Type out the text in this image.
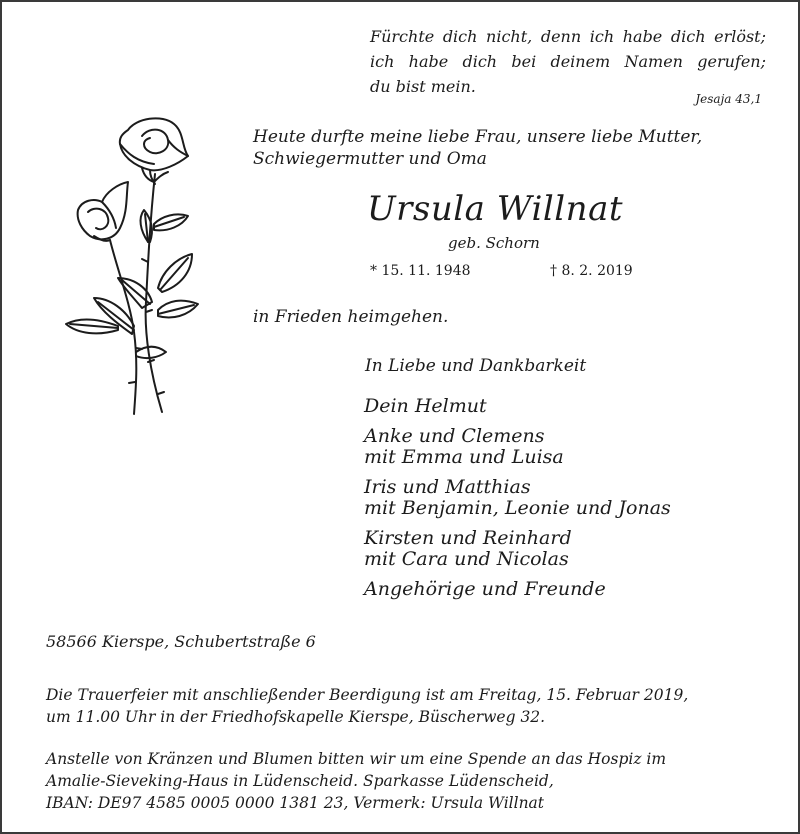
Fürchte dich nicht, denn ich habe dich erlöst;
ich habe dich bei deinem Namen gerufen;
du bist mein.
Jesaja 43,1
Heute durfte meine liebe Frau, unsere liebe Mutter,
Schwiegermutter und Oma
Ursula Willnat
geb. Schorn
* 15. 11. 1948	† 8. 2. 2019
in Frieden heimgehen.
In Liebe und Dankbarkeit
Dein Helmut
Anke und Clemens
mit Emma und Luisa
Iris und Matthias
mit Benjamin, Leonie und Jonas
Kirsten und Reinhard
mit Cara und Nicolas
Angehörige und Freunde
58566 Kierspe, Schubertstraße 6
Die Trauerfeier mit anschließender Beerdigung ist am Freitag, 15. Februar 2019,
um 11.00 Uhr in der Friedhofskapelle Kierspe, Büscherweg 32.
Anstelle von Kränzen und Blumen bitten wir um eine Spende an das Hospiz im
Amalie-Sieveking-Haus in Lüdenscheid. Sparkasse Lüdenscheid,
IBAN: DE97 4585 0005 0000 1381 23, Vermerk: Ursula Willnat
